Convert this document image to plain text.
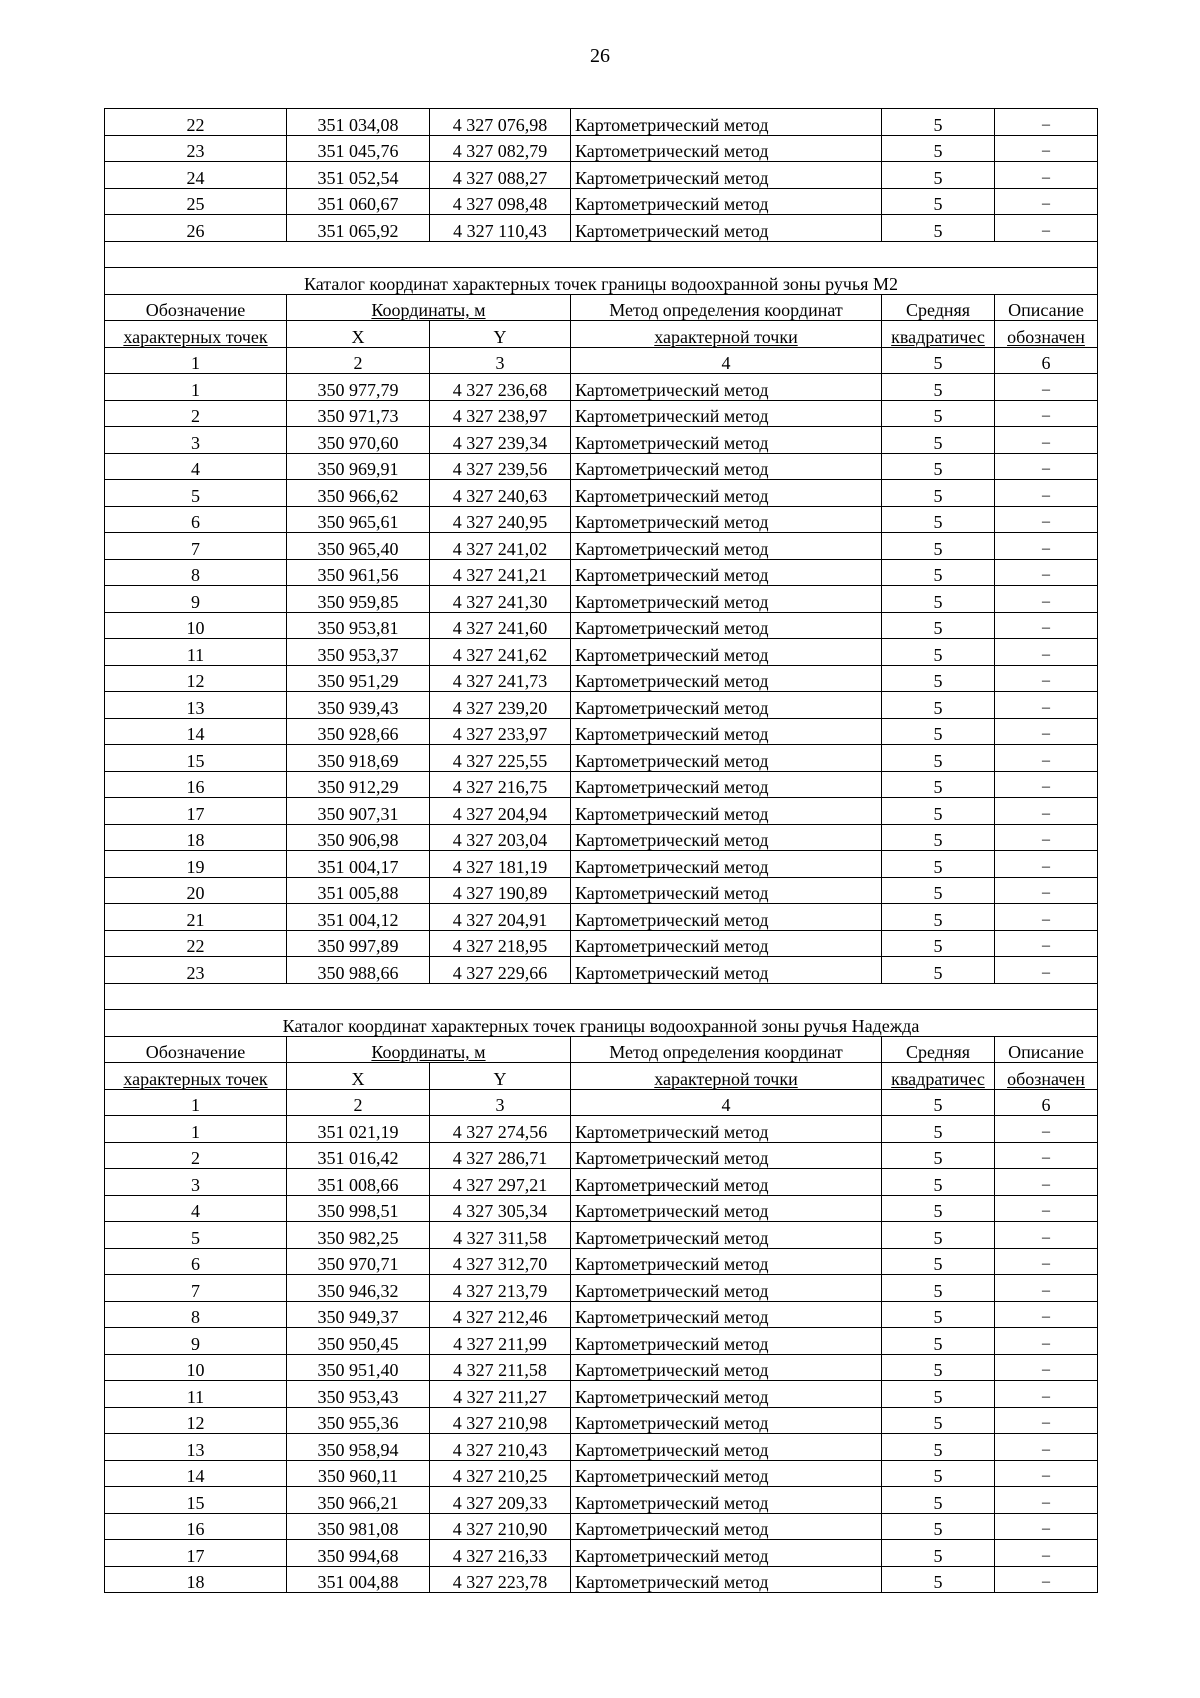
26
22	351 034,08	4 327 076,98	Картометрический метод	5	–
23	351 045,76	4 327 082,79	Картометрический метод	5	–
24	351 052,54	4 327 088,27	Картометрический метод	5	–
25	351 060,67	4 327 098,48	Картометрический метод	5	–
26	351 065,92	4 327 110,43	Картометрический метод	5	–

Каталог координат характерных точек границы водоохранной зоны ручья М2					
Обозначение	Координаты, м		Метод определения координат	Средняя	Описание
характерных точек	X	Y	характерной точки	квадратичес	обозначен
1	2	3	4	5	6
1	350 977,79	4 327 236,68	Картометрический метод	5	–
2	350 971,73	4 327 238,97	Картометрический метод	5	–
3	350 970,60	4 327 239,34	Картометрический метод	5	–
4	350 969,91	4 327 239,56	Картометрический метод	5	–
5	350 966,62	4 327 240,63	Картометрический метод	5	–
6	350 965,61	4 327 240,95	Картометрический метод	5	–
7	350 965,40	4 327 241,02	Картометрический метод	5	–
8	350 961,56	4 327 241,21	Картометрический метод	5	–
9	350 959,85	4 327 241,30	Картометрический метод	5	–
10	350 953,81	4 327 241,60	Картометрический метод	5	–
11	350 953,37	4 327 241,62	Картометрический метод	5	–
12	350 951,29	4 327 241,73	Картометрический метод	5	–
13	350 939,43	4 327 239,20	Картометрический метод	5	–
14	350 928,66	4 327 233,97	Картометрический метод	5	–
15	350 918,69	4 327 225,55	Картометрический метод	5	–
16	350 912,29	4 327 216,75	Картометрический метод	5	–
17	350 907,31	4 327 204,94	Картометрический метод	5	–
18	350 906,98	4 327 203,04	Картометрический метод	5	–
19	351 004,17	4 327 181,19	Картометрический метод	5	–
20	351 005,88	4 327 190,89	Картометрический метод	5	–
21	351 004,12	4 327 204,91	Картометрический метод	5	–
22	350 997,89	4 327 218,95	Картометрический метод	5	–
23	350 988,66	4 327 229,66	Картометрический метод	5	–

Каталог координат характерных точек границы водоохранной зоны ручья Надежда					
Обозначение	Координаты, м		Метод определения координат	Средняя	Описание
характерных точек	X	Y	характерной точки	квадратичес	обозначен
1	2	3	4	5	6
1	351 021,19	4 327 274,56	Картометрический метод	5	–
2	351 016,42	4 327 286,71	Картометрический метод	5	–
3	351 008,66	4 327 297,21	Картометрический метод	5	–
4	350 998,51	4 327 305,34	Картометрический метод	5	–
5	350 982,25	4 327 311,58	Картометрический метод	5	–
6	350 970,71	4 327 312,70	Картометрический метод	5	–
7	350 946,32	4 327 213,79	Картометрический метод	5	–
8	350 949,37	4 327 212,46	Картометрический метод	5	–
9	350 950,45	4 327 211,99	Картометрический метод	5	–
10	350 951,40	4 327 211,58	Картометрический метод	5	–
11	350 953,43	4 327 211,27	Картометрический метод	5	–
12	350 955,36	4 327 210,98	Картометрический метод	5	–
13	350 958,94	4 327 210,43	Картометрический метод	5	–
14	350 960,11	4 327 210,25	Картометрический метод	5	–
15	350 966,21	4 327 209,33	Картометрический метод	5	–
16	350 981,08	4 327 210,90	Картометрический метод	5	–
17	350 994,68	4 327 216,33	Картометрический метод	5	–
18	351 004,88	4 327 223,78	Картометрический метод	5	–
